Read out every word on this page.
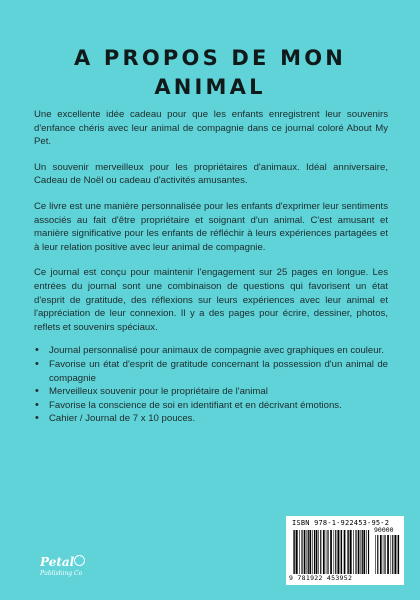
A PROPOS DE MON
ANIMAL

Une excellente idée cadeau pour que les enfants enregistrent leur souvenirs d'enfance chéris avec leur animal de compagnie dans ce journal coloré About My Pet.

Un souvenir merveilleux pour les propriétaires d'animaux. Idéal anniversaire, Cadeau de Noël ou cadeau d'activités amusantes.

Ce livre est une manière personnalisée pour les enfants d'exprimer leur sentiments associés au fait d'être propriétaire et soignant d'un animal. C'est amusant et manière significative pour les enfants de réfléchir à leurs expériences partagées et à leur relation positive avec leur animal de compagnie.

Ce journal est conçu pour maintenir l'engagement sur 25 pages en longue. Les entrées du journal sont une combinaison de questions qui favorisent un état d'esprit de gratitude, des réflexions sur leurs expériences avec leur animal et l'appréciation de leur connexion. Il y a des pages pour écrire, dessiner, photos, reflets et souvenirs spéciaux.

• Journal personnalisé pour animaux de compagnie avec graphiques en couleur.
• Favorise un état d'esprit de gratitude concernant la possession d'un animal de compagnie
• Merveilleux souvenir pour le propriétaire de l'animal
• Favorise la conscience de soi en identifiant et en décrivant émotions.
• Cahier / Journal de 7 x 10 pouces.
Petal
Publishing Co
ISBN 978-1-922453-95-2
90000
9 781922 453952
